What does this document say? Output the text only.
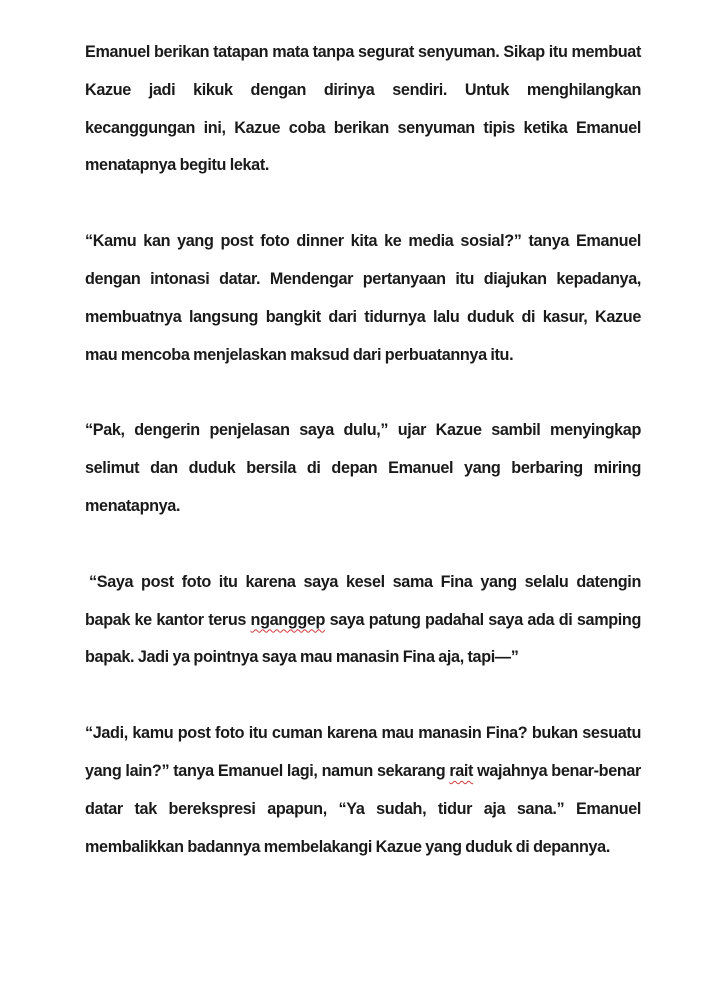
Emanuel berikan tatapan mata tanpa segurat senyuman. Sikap itu membuat Kazue jadi kikuk dengan dirinya sendiri. Untuk menghilangkan kecanggungan ini, Kazue coba berikan senyuman tipis ketika Emanuel menatapnya begitu lekat.

“Kamu kan yang post foto dinner kita ke media sosial?” tanya Emanuel dengan intonasi datar. Mendengar pertanyaan itu diajukan kepadanya, membuatnya langsung bangkit dari tidurnya lalu duduk di kasur, Kazue mau mencoba menjelaskan maksud dari perbuatannya itu.

“Pak, dengerin penjelasan saya dulu,” ujar Kazue sambil menyingkap selimut dan duduk bersila di depan Emanuel yang berbaring miring menatapnya.

“Saya post foto itu karena saya kesel sama Fina yang selalu datengin bapak ke kantor terus nganggep saya patung padahal saya ada di samping bapak. Jadi ya pointnya saya mau manasin Fina aja, tapi—”

“Jadi, kamu post foto itu cuman karena mau manasin Fina? bukan sesuatu yang lain?” tanya Emanuel lagi, namun sekarang rait wajahnya benar-benar datar tak berekspresi apapun, “Ya sudah, tidur aja sana.” Emanuel membalikkan badannya membelakangi Kazue yang duduk di depannya.
